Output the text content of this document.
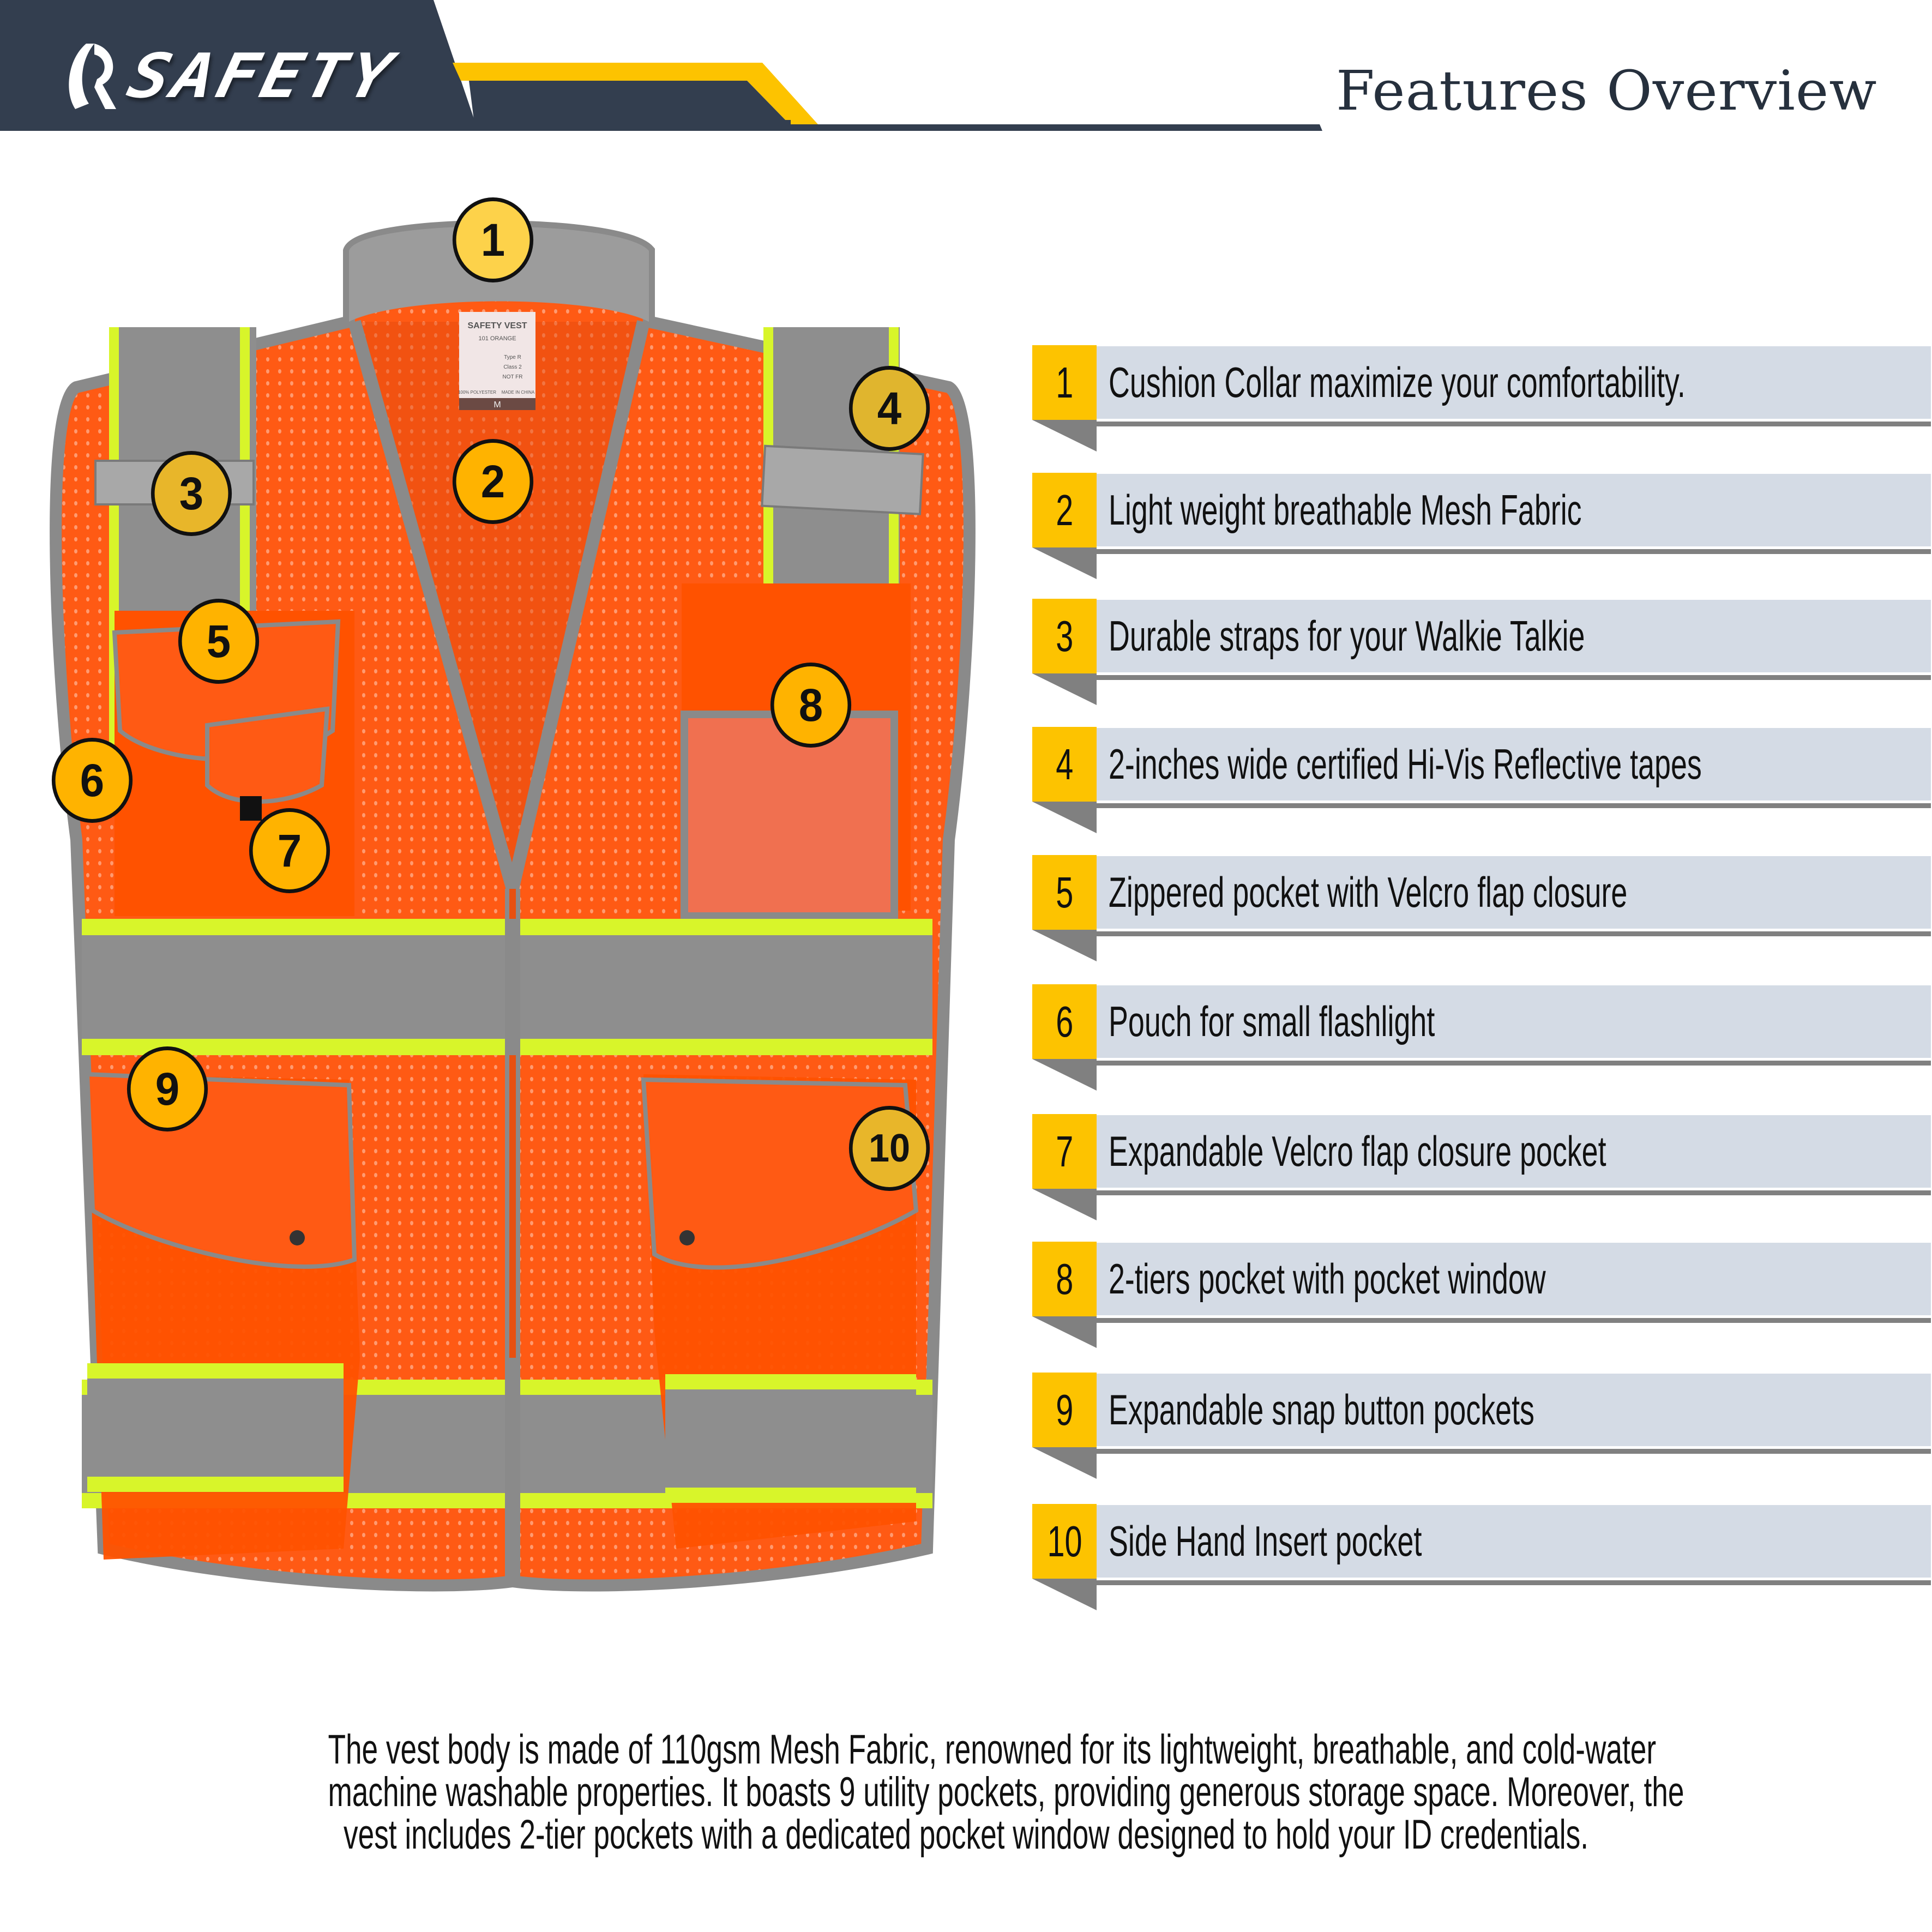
SAFETY	Features Overview
SAFETY VEST
101 ORANGE
Type R
Class 2
NOT FR
100% POLYESTER MADE IN CHINA
M
1
2
3
4
5
6
7
8
9
10
1 Cushion Collar maximize your comfortability.
2 Light weight breathable Mesh Fabric
3 Durable straps for your Walkie Talkie
4 2-inches wide certified Hi-Vis Reflective tapes
5 Zippered pocket with Velcro flap closure
6 Pouch for small flashlight
7 Expandable Velcro flap closure pocket
8 2-tiers pocket with pocket window
9 Expandable snap button pockets
10 Side Hand Insert pocket

The vest body is made of 110gsm Mesh Fabric, renowned for its lightweight, breathable, and cold-water

machine washable properties. It boasts 9 utility pockets, providing generous storage space. Moreover, the

vest includes 2-tier pockets with a dedicated pocket window designed to hold your ID credentials.
